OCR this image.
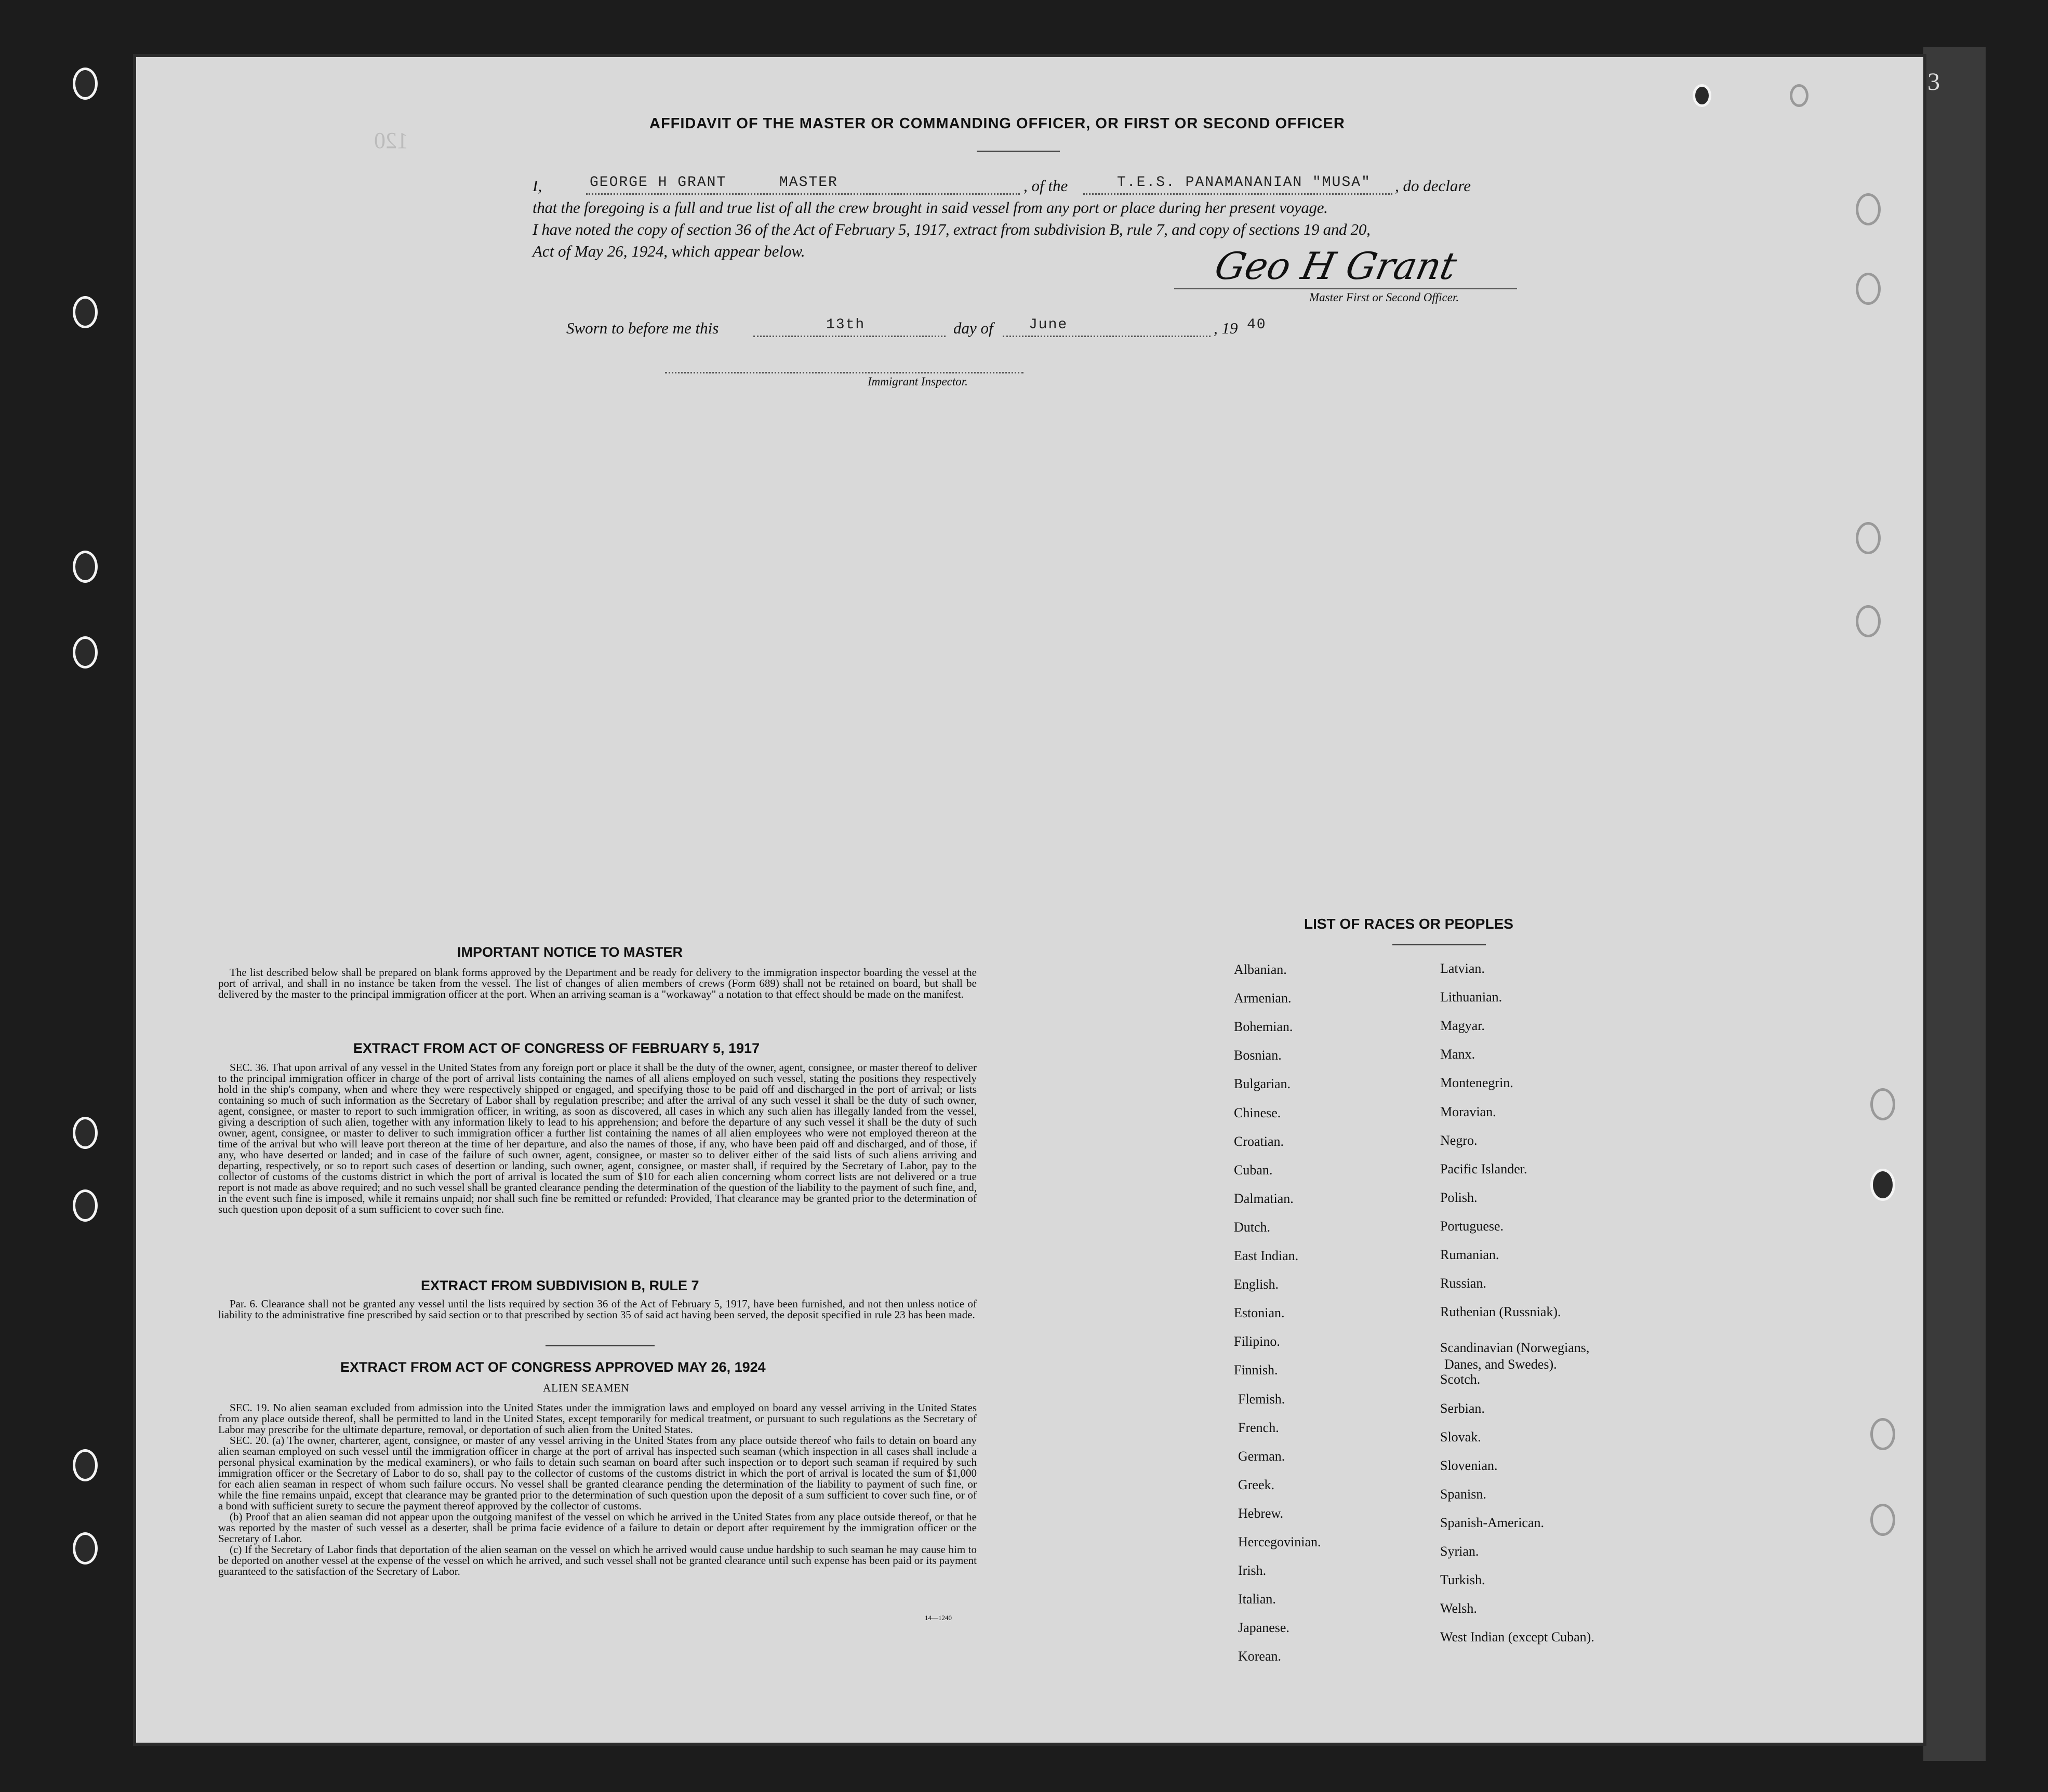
3
120
AFFIDAVIT OF THE MASTER OR COMMANDING OFFICER, OR FIRST OR SECOND OFFICER
I,	GEORGE H GRANT	MASTER	, of the	T.E.S. PANAMANANIAN "MUSA" , do declare
that the foregoing is a full and true list of all the crew brought in said vessel from any port or place during her present voyage.
I have noted the copy of section 36 of the Act of February 5, 1917, extract from subdivision B, rule 7, and copy of sections 19 and 20,
Act of May 26, 1924, which appear below.	Geo H Grant
Master First or Second Officer.
Sworn to before me this	13th	day of June	, 19 40
Immigrant Inspector.
IMPORTANT NOTICE TO MASTER

The list described below shall be prepared on blank forms approved by the Department and be ready for delivery to the immigration inspector boarding the vessel at the port of arrival, and shall in no instance be taken from the vessel. The list of changes of alien members of crews (Form 689) shall not be retained on board, but shall be delivered by the master to the principal immigration officer at the port. When an arriving seaman is a "workaway" a notation to that effect should be made on the manifest.

EXTRACT FROM ACT OF CONGRESS OF FEBRUARY 5, 1917

SEC. 36. That upon arrival of any vessel in the United States from any foreign port or place it shall be the duty of the owner, agent, consignee, or master thereof to deliver to the principal immigration officer in charge of the port of arrival lists containing the names of all aliens employed on such vessel, stating the positions they respectively hold in the ship's company, when and where they were respectively shipped or engaged, and specifying those to be paid off and discharged in the port of arrival; or lists containing so much of such information as the Secretary of Labor shall by regulation prescribe; and after the arrival of any such vessel it shall be the duty of such owner, agent, consignee, or master to report to such immigration officer, in writing, as soon as discovered, all cases in which any such alien has illegally landed from the vessel, giving a description of such alien, together with any information likely to lead to his apprehension; and before the departure of any such vessel it shall be the duty of such owner, agent, consignee, or master to deliver to such immigration officer a further list containing the names of all alien employees who were not employed thereon at the time of the arrival but who will leave port thereon at the time of her departure, and also the names of those, if any, who have been paid off and discharged, and of those, if any, who have deserted or landed; and in case of the failure of such owner, agent, consignee, or master so to deliver either of the said lists of such aliens arriving and departing, respectively, or so to report such cases of desertion or landing, such owner, agent, consignee, or master shall, if required by the Secretary of Labor, pay to the collector of customs of the customs district in which the port of arrival is located the sum of $10 for each alien concerning whom correct lists are not delivered or a true report is not made as above required; and no such vessel shall be granted clearance pending the determination of the question of the liability to the payment of such fine, and, in the event such fine is imposed, while it remains unpaid; nor shall such fine be remitted or refunded: Provided, That clearance may be granted prior to the determination of such question upon deposit of a sum sufficient to cover such fine.

EXTRACT FROM SUBDIVISION B, RULE 7

Par. 6. Clearance shall not be granted any vessel until the lists required by section 36 of the Act of February 5, 1917, have been furnished, and not then unless notice of liability to the administrative fine prescribed by said section or to that prescribed by section 35 of said act having been served, the deposit specified in rule 23 has been made.

EXTRACT FROM ACT OF CONGRESS APPROVED MAY 26, 1924
ALIEN SEAMEN

SEC. 19. No alien seaman excluded from admission into the United States under the immigration laws and employed on board any vessel arriving in the United States from any place outside thereof, shall be permitted to land in the United States, except temporarily for medical treatment, or pursuant to such regulations as the Secretary of Labor may prescribe for the ultimate departure, removal, or deportation of such alien from the United States.

SEC. 20. (a) The owner, charterer, agent, consignee, or master of any vessel arriving in the United States from any place outside thereof who fails to detain on board any alien seaman employed on such vessel until the immigration officer in charge at the port of arrival has inspected such seaman (which inspection in all cases shall include a personal physical examination by the medical examiners), or who fails to detain such seaman on board after such inspection or to deport such seaman if required by such immigration officer or the Secretary of Labor to do so, shall pay to the collector of customs of the customs district in which the port of arrival is located the sum of $1,000 for each alien seaman in respect of whom such failure occurs. No vessel shall be granted clearance pending the determination of the liability to payment of such fine, or while the fine remains unpaid, except that clearance may be granted prior to the determination of such question upon the deposit of a sum sufficient to cover such fine, or of a bond with sufficient surety to secure the payment thereof approved by the collector of customs.

(b) Proof that an alien seaman did not appear upon the outgoing manifest of the vessel on which he arrived in the United States from any place outside thereof, or that he was reported by the master of such vessel as a deserter, shall be prima facie evidence of a failure to detain or deport after requirement by the immigration officer or the Secretary of Labor.

(c) If the Secretary of Labor finds that deportation of the alien seaman on the vessel on which he arrived would cause undue hardship to such seaman he may cause him to be deported on another vessel at the expense of the vessel on which he arrived, and such vessel shall not be granted clearance until such expense has been paid or its payment guaranteed to the satisfaction of the Secretary of Labor.

14—1240
LIST OF RACES OR PEOPLES
Albanian.
Armenian.
Bohemian.
Bosnian.
Bulgarian.
Chinese.
Croatian.
Cuban.
Dalmatian.
Dutch.
East Indian.
English.
Estonian.
Filipino.
Finnish.
Flemish.
French.
German.
Greek.
Hebrew.
Hercegovinian.
Irish.
Italian.
Japanese.
Korean.
Latvian.
Lithuanian.
Magyar.
Manx.
Montenegrin.
Moravian.
Negro.
Pacific Islander.
Polish.
Portuguese.
Rumanian.
Russian.
Ruthenian (Russniak).
Scandinavian (Norwegians,
Danes, and Swedes).
Scotch.
Serbian.
Slovak.
Slovenian.
Spanisn.
Spanish-American.
Syrian.
Turkish.
Welsh.
West Indian (except Cuban).
